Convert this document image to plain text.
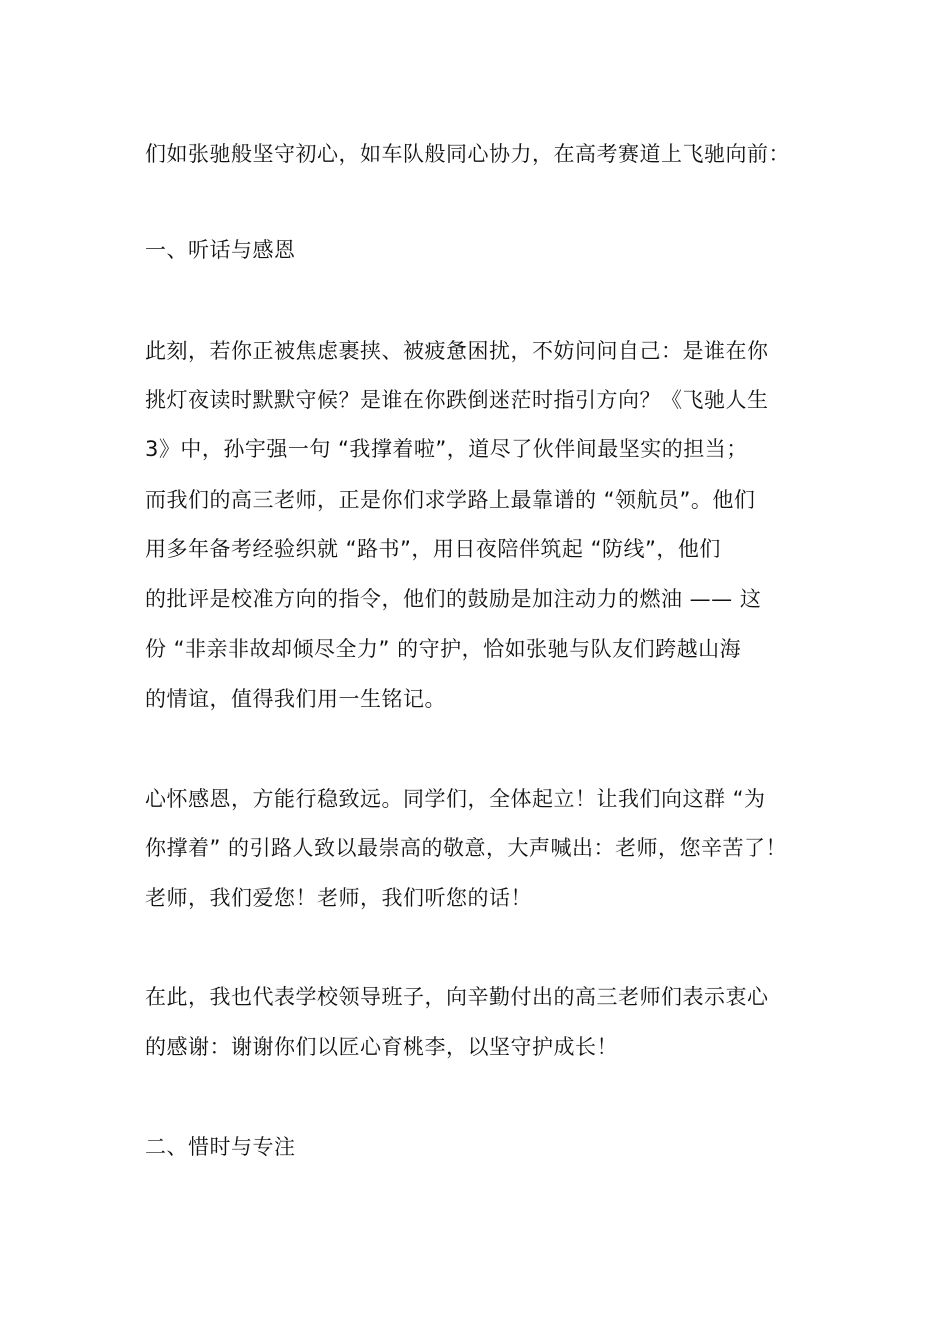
们如张驰般坚守初心，如车队般同心协力，在高考赛道上飞驰向前：
一、听话与感恩
此刻，若你正被焦虑裹挟、被疲惫困扰，不妨问问自己：是谁在你
挑灯夜读时默默守候？是谁在你跌倒迷茫时指引方向？《飞驰人生
3》中，孙宇强一句 “我撑着啦”，道尽了伙伴间最坚实的担当；
而我们的高三老师，正是你们求学路上最靠谱的 “领航员”。他们
用多年备考经验织就 “路书”，用日夜陪伴筑起 “防线”，他们
的批评是校准方向的指令，他们的鼓励是加注动力的燃油 —— 这
份 “非亲非故却倾尽全力” 的守护，恰如张驰与队友们跨越山海
的情谊，值得我们用一生铭记。
心怀感恩，方能行稳致远。同学们，全体起立！让我们向这群 “为
你撑着” 的引路人致以最崇高的敬意，大声喊出：老师，您辛苦了！
老师，我们爱您！老师，我们听您的话！
在此，我也代表学校领导班子，向辛勤付出的高三老师们表示衷心
的感谢：谢谢你们以匠心育桃李，以坚守护成长！
二、惜时与专注
